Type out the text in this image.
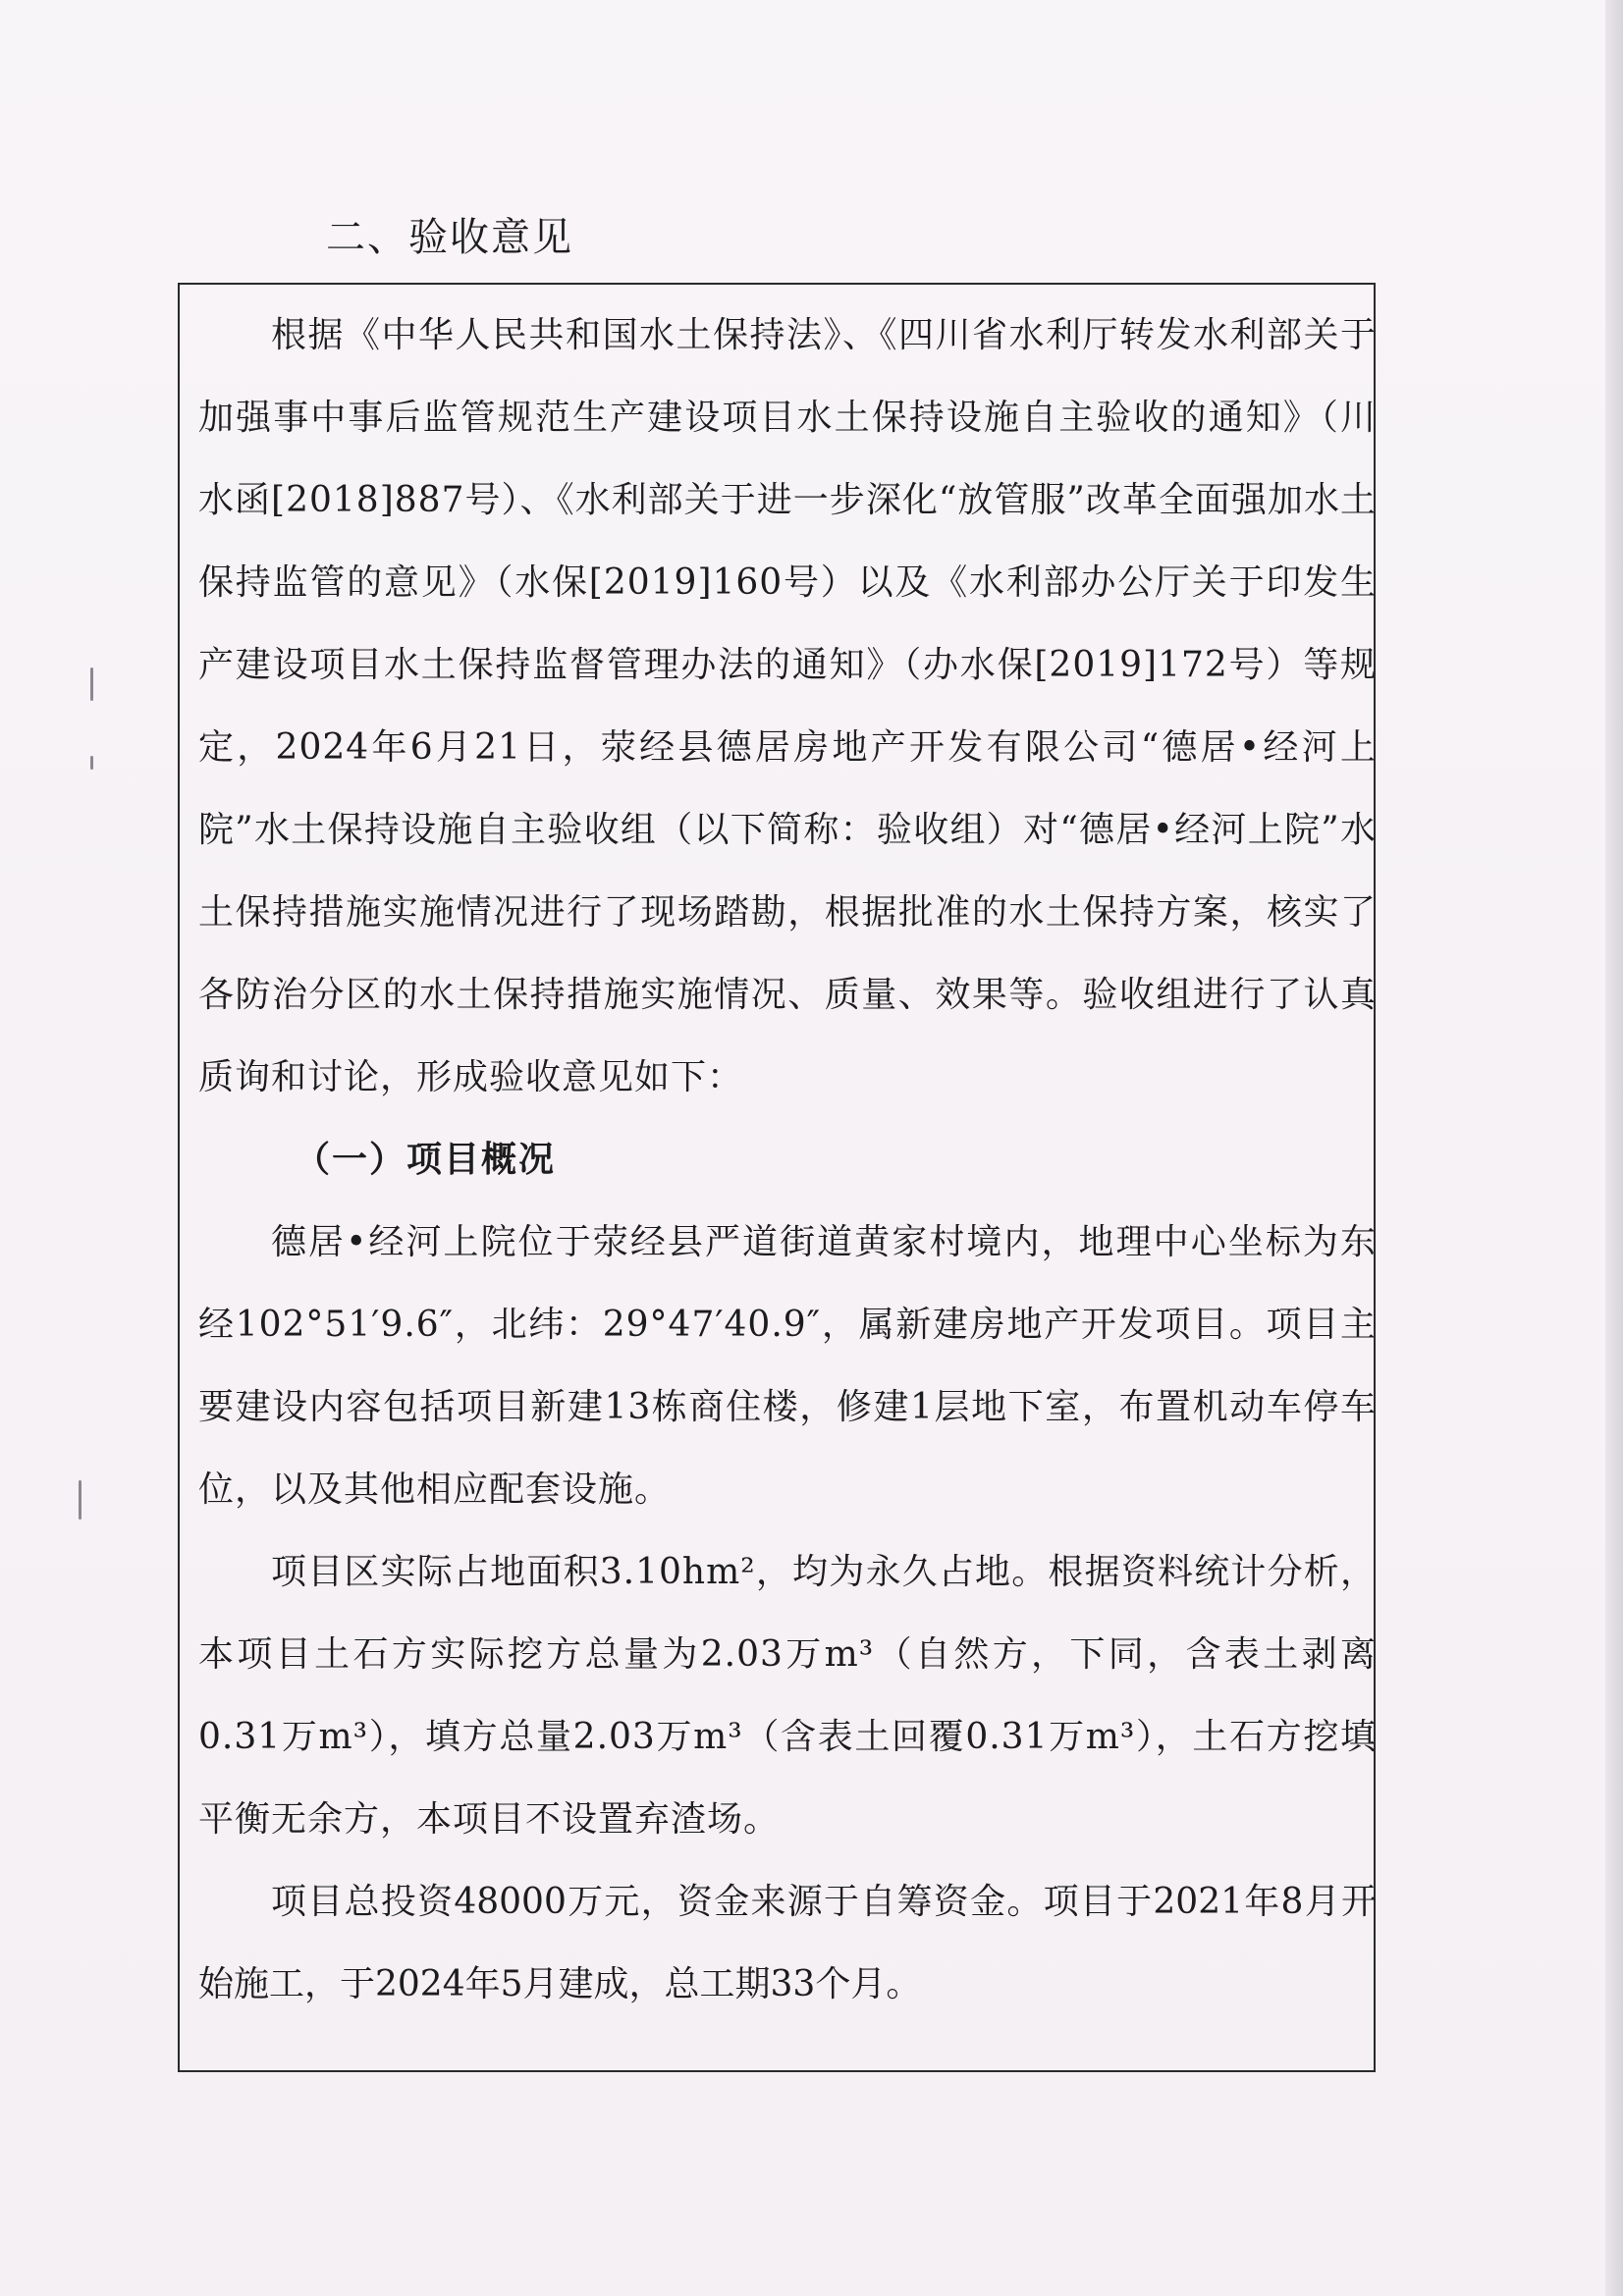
二、验收意见

根据《中华人民共和国水土保持法》、《四川省水利厅转发水利部关于加强事中事后监管规范生产建设项目水土保持设施自主验收的通知》（川水函[2018]887号）、《水利部关于进一步深化“放管服”改革全面强加水土保持监管的意见》（水保[2019]160号）以及《水利部办公厅关于印发生产建设项目水土保持监督管理办法的通知》（办水保[2019]172号）等规定，2024年6月21日，荥经县德居房地产开发有限公司“德居•经河上院”水土保持设施自主验收组（以下简称：验收组）对“德居•经河上院”水土保持措施实施情况进行了现场踏勘，根据批准的水土保持方案，核实了各防治分区的水土保持措施实施情况、质量、效果等。验收组进行了认真质询和讨论，形成验收意见如下：

（一）项目概况

德居•经河上院位于荥经县严道街道黄家村境内，地理中心坐标为东经102°51′9.6″，北纬：29°47′40.9″，属新建房地产开发项目。项目主要建设内容包括项目新建13栋商住楼，修建1层地下室，布置机动车停车位，以及其他相应配套设施。

项目区实际占地面积3.10hm²，均为永久占地。根据资料统计分析，本项目土石方实际挖方总量为2.03万m³（自然方，下同，含表土剥离0.31万m³），填方总量2.03万m³（含表土回覆0.31万m³），土石方挖填平衡无余方，本项目不设置弃渣场。

项目总投资48000万元，资金来源于自筹资金。项目于2021年8月开始施工，于2024年5月建成，总工期33个月。
